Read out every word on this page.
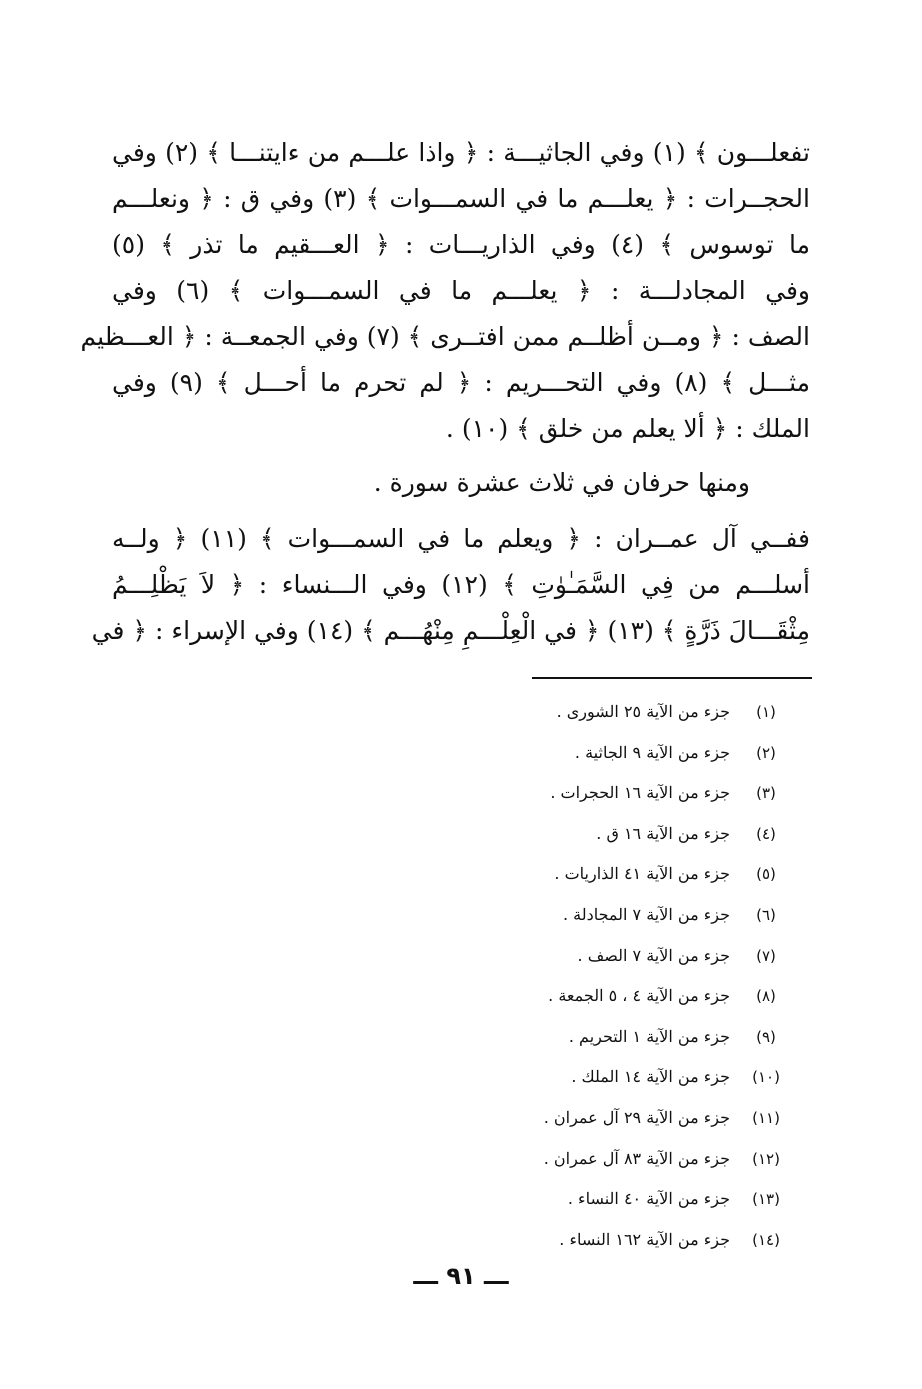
تفعلـــون ﴾ (١) وفي الجاثيـــة : ﴿ واذا علـــم من ءايتنـــا ﴾ (٢) وفي
الحجــرات : ﴿ يعلـــم ما في السمـــوات ﴾ (٣) وفي ق : ﴿ ونعلـــم
ما توسوس ﴾ (٤) وفي الذاريـــات : ﴿ العـــقيم ما تذر ﴾ (٥)
وفي المجادلـــة : ﴿ يعلـــم ما في السمـــوات ﴾ (٦) وفي
الصف : ﴿ ومــن أظلــم ممن افتــرى ﴾ (٧) وفي الجمعــة : ﴿ العـــظيم
مثـــل ﴾ (٨) وفي التحـــريم : ﴿ لم تحرم ما أحـــل ﴾ (٩) وفي
الملك : ﴿ ألا يعلم من خلق ﴾ (١٠) .
ومنها حرفان في ثلاث عشرة سورة .
ففــي آل عمــران : ﴿ ويعلم ما في السمـــوات ﴾ (١١) ﴿ ولــه
أسلـــم من فِي السَّمَـٰوٰتِ ﴾ (١٢) وفي الـــنساء : ﴿ لاَ يَظْلِـــمُ
مِثْقَـــالَ ذَرَّةٍ ﴾ (١٣) ﴿ في الْعِلْـــمِ مِنْهُـــم ﴾ (١٤) وفي الإسراء : ﴿ في
(١)جزء من الآية ٢٥ الشورى .
(٢)جزء من الآية ٩ الجاثية .
(٣)جزء من الآية ١٦ الحجرات .
(٤)جزء من الآية ١٦ ق .
(٥)جزء من الآية ٤١ الذاريات .
(٦)جزء من الآية ٧ المجادلة .
(٧)جزء من الآية ٧ الصف .
(٨)جزء من الآية ٤ ، ٥ الجمعة .
(٩)جزء من الآية ١ التحريم .
(١٠)جزء من الآية ١٤ الملك .
(١١)جزء من الآية ٢٩ آل عمران .
(١٢)جزء من الآية ٨٣ آل عمران .
(١٣)جزء من الآية ٤٠ النساء .
(١٤)جزء من الآية ١٦٢ النساء .
ـــ ٩١ ـــ
